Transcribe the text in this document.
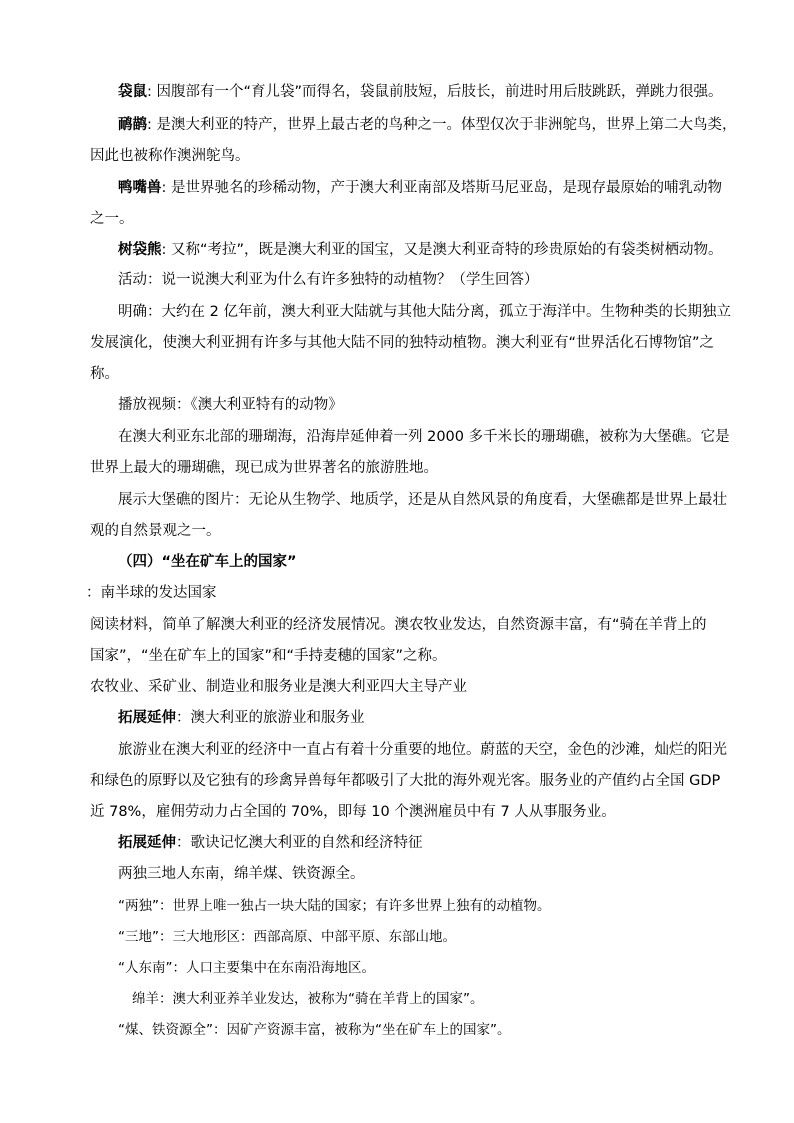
袋鼠: 因腹部有一个“育儿袋”而得名，袋鼠前肢短，后肢长，前进时用后肢跳跃，弹跳力很强。
鸸鹋: 是澳大利亚的特产，世界上最古老的鸟种之一。体型仅次于非洲鸵鸟，世界上第二大鸟类，
因此也被称作澳洲鸵鸟。
鸭嘴兽: 是世界驰名的珍稀动物，产于澳大利亚南部及塔斯马尼亚岛，是现存最原始的哺乳动物
之一。
树袋熊: 又称“考拉”，既是澳大利亚的国宝，又是澳大利亚奇特的珍贵原始的有袋类树栖动物。
活动：说一说澳大利亚为什么有许多独特的动植物？（学生回答）
明确：大约在 2 亿年前，澳大利亚大陆就与其他大陆分离，孤立于海洋中。生物种类的长期独立
发展演化，使澳大利亚拥有许多与其他大陆不同的独特动植物。澳大利亚有“世界活化石博物馆”之
称。
播放视频：《澳大利亚特有的动物》
在澳大利亚东北部的珊瑚海，沿海岸延伸着一列 2000 多千米长的珊瑚礁，被称为大堡礁。它是
世界上最大的珊瑚礁，现已成为世界著名的旅游胜地。
展示大堡礁的图片：无论从生物学、地质学，还是从自然风景的角度看，大堡礁都是世界上最壮
观的自然景观之一。
（四）“坐在矿车上的国家”
：南半球的发达国家
阅读材料，简单了解澳大利亚的经济发展情况。澳农牧业发达，自然资源丰富，有“骑在羊背上的
国家”，“坐在矿车上的国家”和“手持麦穗的国家”之称。
农牧业、采矿业、制造业和服务业是澳大利亚四大主导产业
拓展延伸：澳大利亚的旅游业和服务业
旅游业在澳大利亚的经济中一直占有着十分重要的地位。蔚蓝的天空，金色的沙滩，灿烂的阳光
和绿色的原野以及它独有的珍禽异兽每年都吸引了大批的海外观光客。服务业的产值约占全国 GDP
近 78%，雇佣劳动力占全国的 70%，即每 10 个澳洲雇员中有 7 人从事服务业。
拓展延伸：歌诀记忆澳大利亚的自然和经济特征
两独三地人东南，绵羊煤、铁资源全。
“两独”：世界上唯一独占一块大陆的国家；有许多世界上独有的动植物。
“三地”：三大地形区：西部高原、中部平原、东部山地。
“人东南”：人口主要集中在东南沿海地区。
绵羊：澳大利亚养羊业发达，被称为“骑在羊背上的国家”。
“煤、铁资源全”：因矿产资源丰富，被称为“坐在矿车上的国家”。
